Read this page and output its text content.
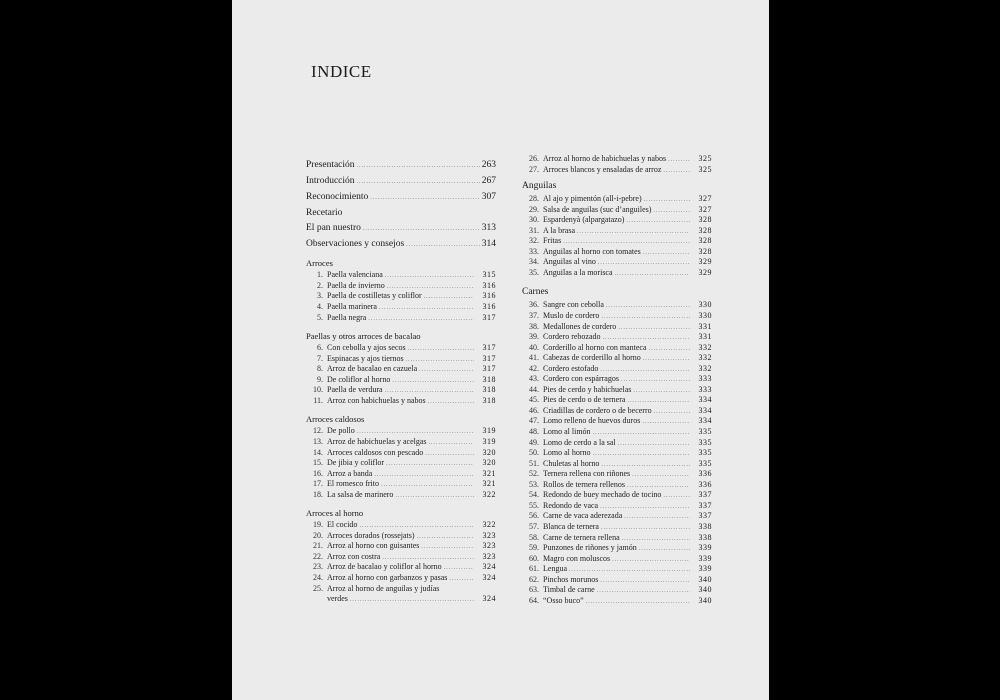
INDICE
Presentación .....	263
Introducción .....	267
Reconocimiento .....	307
Recetario
El pan nuestro .....	313
Observaciones y consejos .....	314
Arroces
1. Paella valenciana .....	315
2. Paella de invierno .....	316
3. Paella de costilletas y coliflor .....	316
4. Paella marinera .....	316
5. Paella negra .....	317
Paellas y otros arroces de bacalao
6. Con cebolla y ajos secos .....	317
7. Espinacas y ajos tiernos .....	317
8. Arroz de bacalao en cazuela .....	317
9. De coliflor al horno .....	318
10. Paella de verdura .....	318
11. Arroz con habichuelas y nabos .....	318
Arroces caldosos
12. De pollo .....	319
13. Arroz de habichuelas y acelgas .....	319
14. Arroces caldosos con pescado .....	320
15. De jibia y coliflor .....	320
16. Arroz a banda .....	321
17. El romesco frito .....	321
18. La salsa de marinero .....	322
Arroces al horno
19. El cocido .....	322
20. Arroces dorados (rossejats) .....	323
21. Arroz al horno con guisantes .....	323
22. Arroz con costra .....	323
23. Arroz de bacalao y coliflor al horno .....	324
24. Arroz al horno con garbanzos y pasas .....	324
25. Arroz al horno de anguilas y judías
verdes .....	324
26. Arroz al horno de habichuelas y nabos .....	325
27. Arroces blancos y ensaladas de arroz .....	325
Anguilas
28. Al ajo y pimentón (all-i-pebre) .....	327
29. Salsa de anguilas (suc d’anguiles) .....	327
30. Espardenyà (alpargatazo) .....	328
31. A la brasa .....	328
32. Fritas .....	328
33. Anguilas al horno con tomates .....	328
34. Anguilas al vino .....	329
35. Anguilas a la morisca .....	329
Carnes
36. Sangre con cebolla .....	330
37. Muslo de cordero .....	330
38. Medallones de cordero .....	331
39. Cordero rebozado .....	331
40. Corderillo al horno con manteca .....	332
41. Cabezas de corderillo al horno .....	332
42. Cordero estofado .....	332
43. Cordero con espárragos .....	333
44. Pies de cerdo y habichuelas .....	333
45. Pies de cerdo o de ternera .....	334
46. Criadillas de cordero o de becerro .....	334
47. Lomo relleno de huevos duros .....	334
48. Lomo al limón .....	335
49. Lomo de cerdo a la sal .....	335
50. Lomo al horno .....	335
51. Chuletas al horno .....	335
52. Ternera rellena con riñones .....	336
53. Rollos de ternera rellenos .....	336
54. Redondo de buey mechado de tocino .....	337
55. Redondo de vaca .....	337
56. Carne de vaca aderezada .....	337
57. Blanca de ternera .....	338
58. Carne de ternera rellena .....	338
59. Punzones de riñones y jamón .....	339
60. Magro con moluscos .....	339
61. Lengua .....	339
62. Pinchos morunos .....	340
63. Timbal de carne .....	340
64. “Osso buco” .....	340
